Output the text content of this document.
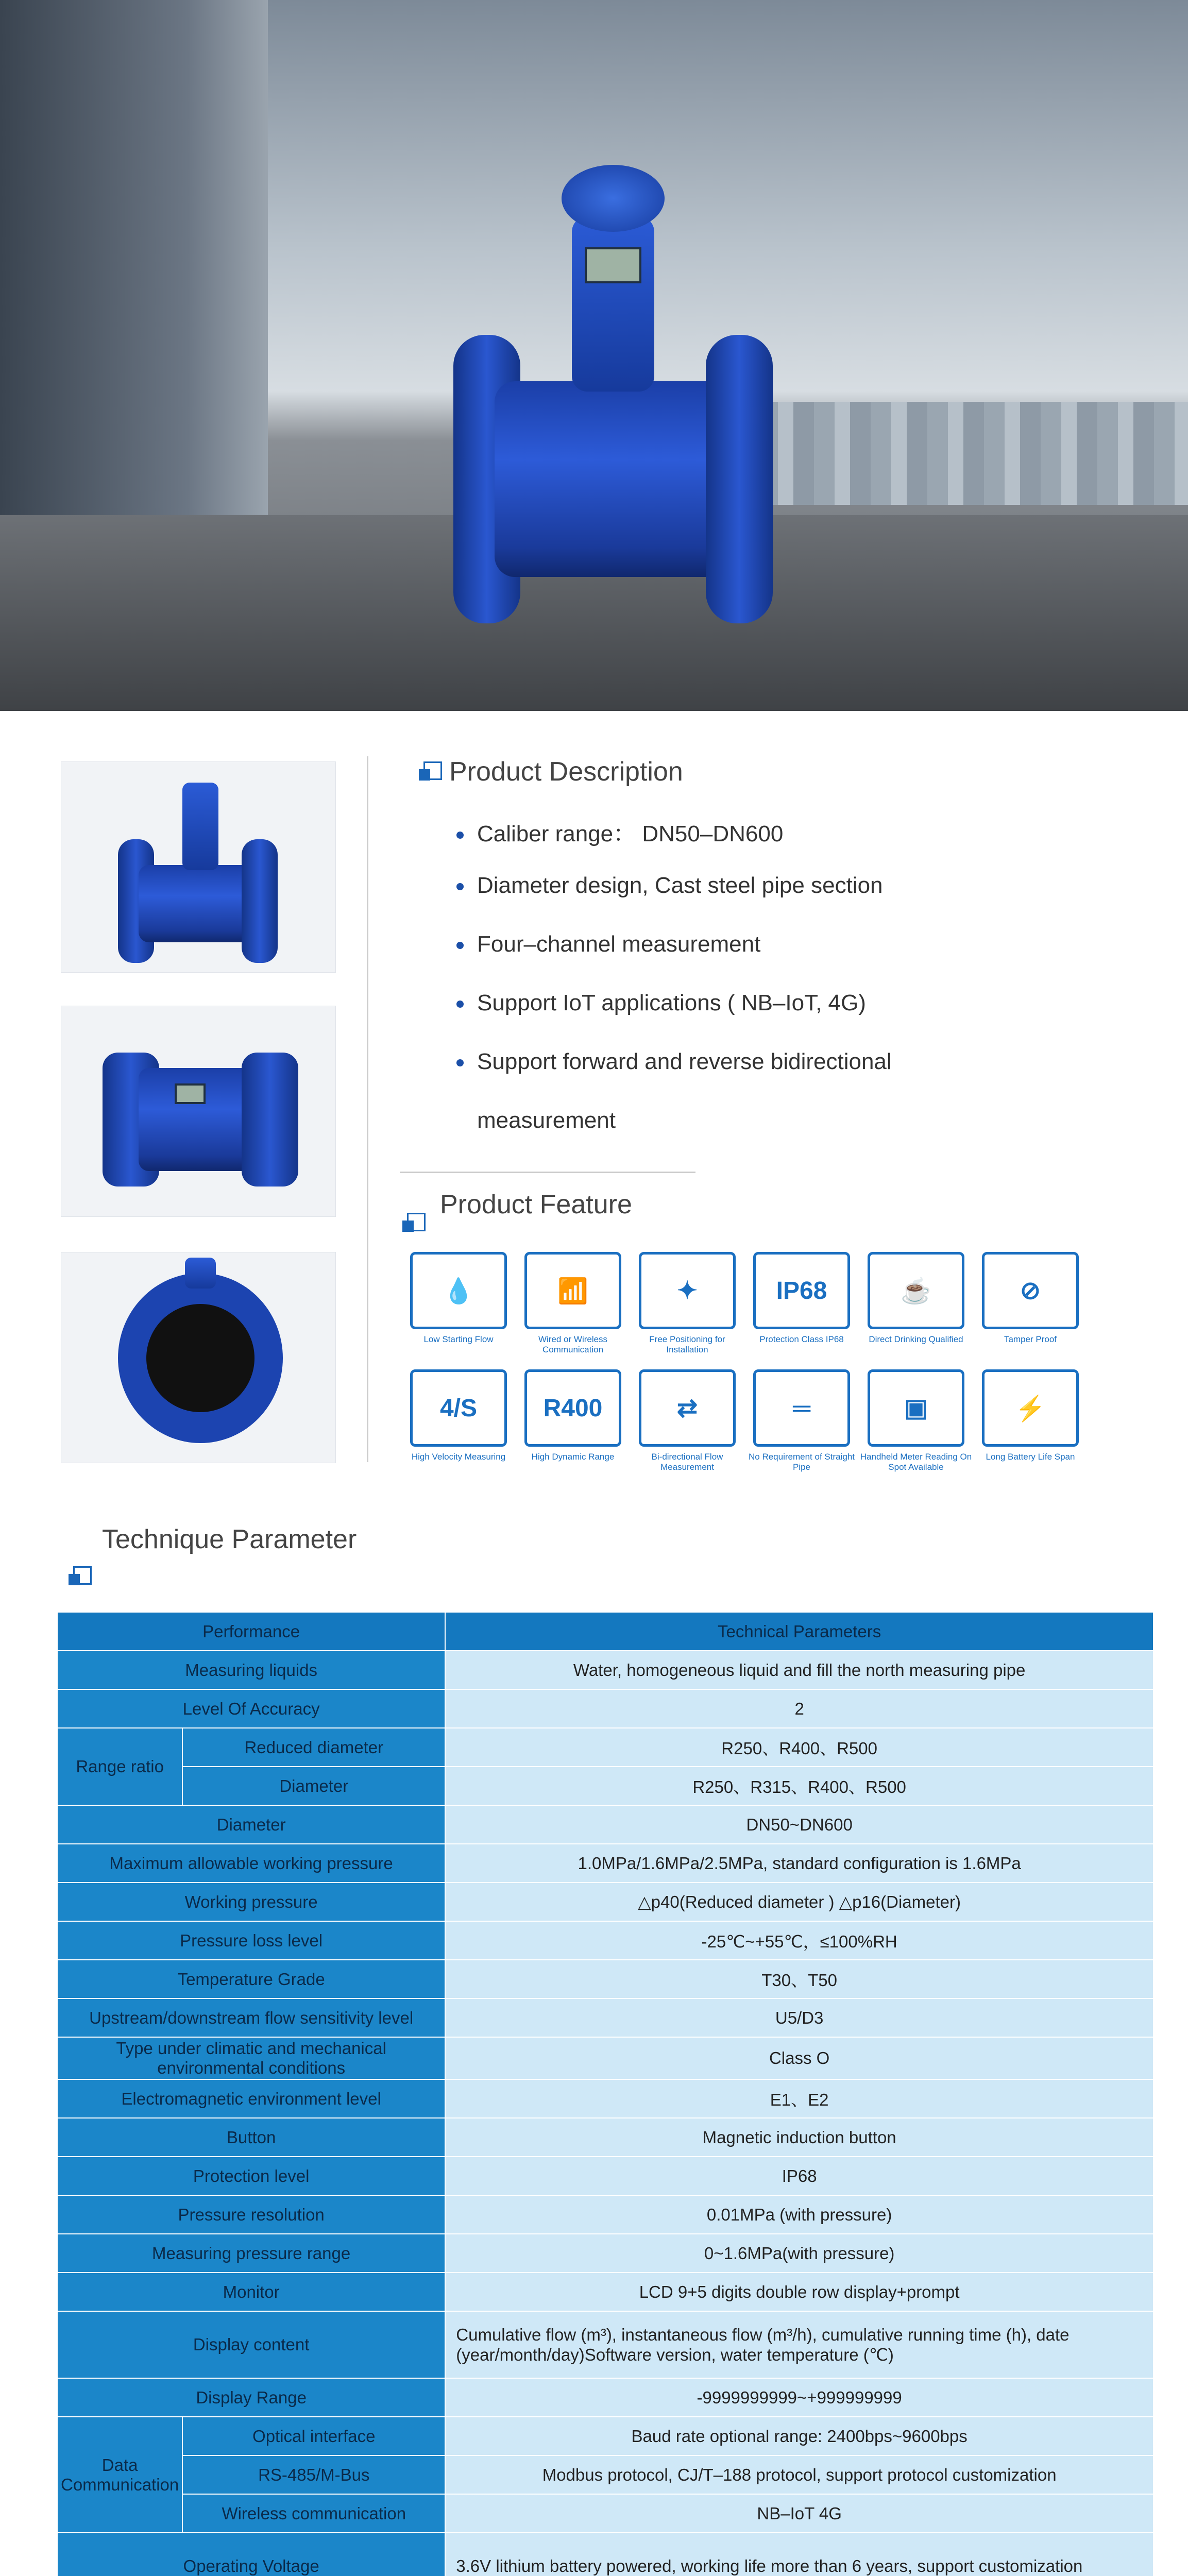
Product Description
Caliber range： DN50–DN600
Diameter design, Cast steel pipe section
Four–channel measurement
Support IoT applications ( NB–IoT, 4G)
Support forward and reverse bidirectional
measurement
Product Feature
💧
Low Starting Flow
📶
Wired or Wireless Communication
✦
Free Positioning for Installation
IP68
Protection Class IP68
☕
Direct Drinking Qualified
⊘
Tamper Proof
4/S
High Velocity Measuring
R400
High Dynamic Range
⇄
Bi-directional Flow Measurement
═
No Requirement of Straight Pipe
▣
Handheld Meter Reading On Spot Available
⚡
Long Battery Life Span
Technique Parameter
Performance		Technical Parameters
Measuring liquids		Water, homogeneous liquid and fill the north measuring pipe
Level Of Accuracy		2
Range ratio	Reduced diameter	R250、R400、R500
	Diameter	R250、R315、R400、R500
Diameter		DN50~DN600
Maximum allowable working pressure		1.0MPa/1.6MPa/2.5MPa, standard configuration is 1.6MPa
Working pressure		△p40(Reduced diameter ) △p16(Diameter)
Pressure loss level		-25℃~+55℃，≤100%RH
Temperature Grade		T30、T50
Upstream/downstream flow sensitivity level		U5/D3
Type under climatic and mechanical environmental conditions		Class O
Electromagnetic environment level		E1、E2
Button		Magnetic induction button
Protection level		IP68
Pressure resolution		0.01MPa (with pressure)
Measuring pressure range		0~1.6MPa(with pressure)
Monitor		LCD 9+5 digits double row display+prompt
Display content		Cumulative flow (m³), instantaneous flow (m³/h), cumulative running time (h), date (year/month/day)Software version, water temperature (℃)
Display Range		-9999999999~+999999999
Data Communication	Optical interface	Baud rate optional range: 2400bps~9600bps
	RS-485/M-Bus	Modbus protocol, CJ/T–188 protocol, support protocol customization
	Wireless communication	NB–IoT 4G
Operating Voltage		3.6V lithium battery powered, working life more than 6 years, support customization
